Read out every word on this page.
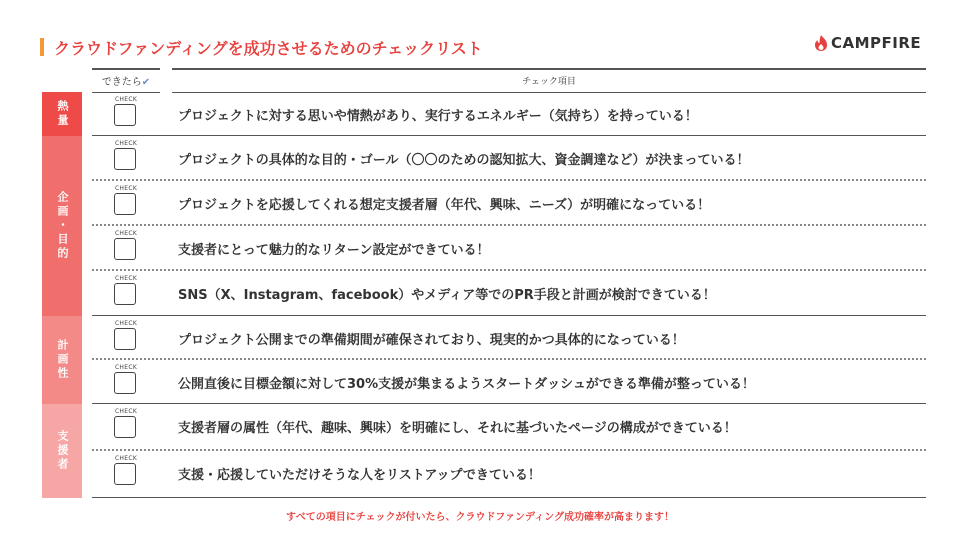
クラウドファンディングを成功させるためのチェックリスト	CAMPFIRE
できたら✔	チェック項目
熱量
企画・目的
計画性
支援者
CHECK
プロジェクトに対する思いや情熱があり、実行するエネルギー（気持ち）を持っている！
CHECK
プロジェクトの具体的な目的・ゴール（〇〇のための認知拡大、資金調達など）が決まっている！
CHECK
プロジェクトを応援してくれる想定支援者層（年代、興味、ニーズ）が明確になっている！
CHECK
支援者にとって魅力的なリターン設定ができている！
CHECK
SNS（X、Instagram、facebook）やメディア等でのPR手段と計画が検討できている！
CHECK
プロジェクト公開までの準備期間が確保されており、現実的かつ具体的になっている！
CHECK
公開直後に目標金額に対して30%支援が集まるようスタートダッシュができる準備が整っている！
CHECK
支援者層の属性（年代、趣味、興味）を明確にし、それに基づいたページの構成ができている！
CHECK
支援・応援していただけそうな人をリストアップできている！
すべての項目にチェックが付いたら、クラウドファンディング成功確率が高まります！
